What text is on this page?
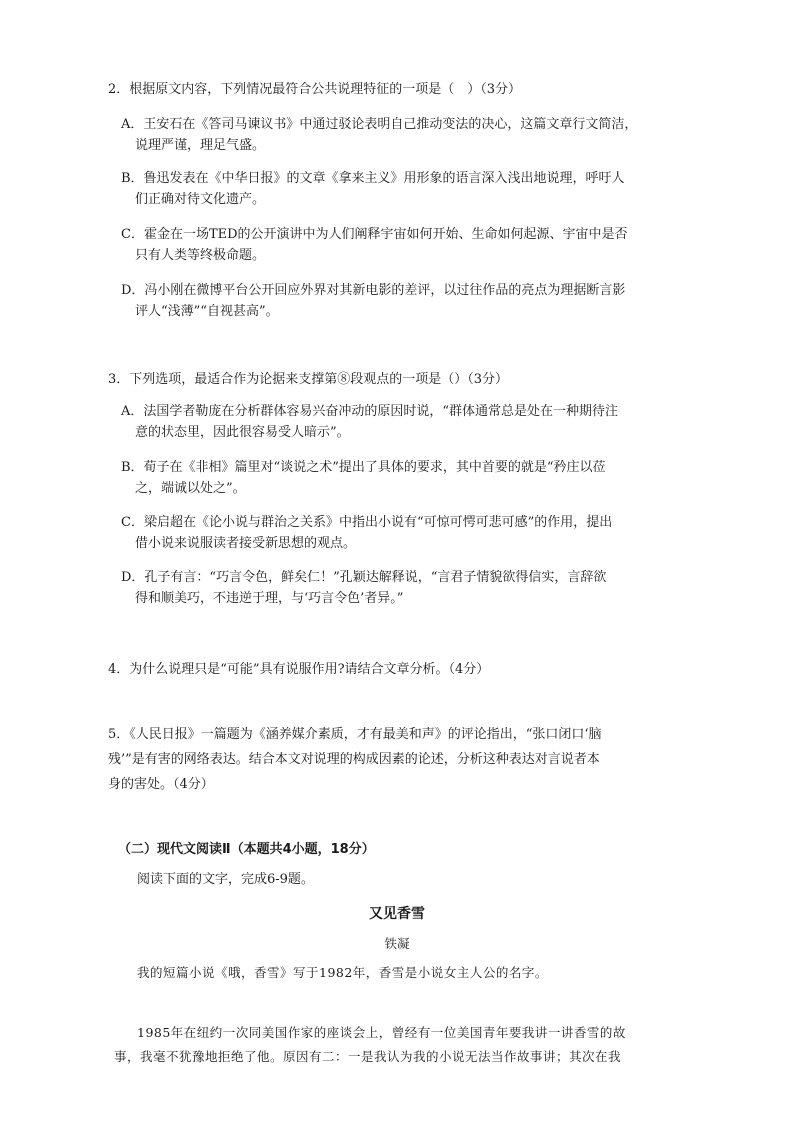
2．根据原文内容，下列情况最符合公共说理特征的一项是（　）（3分）
A．王安石在《答司马谏议书》中通过驳论表明自己推动变法的决心，这篇文章行文简洁，
说理严谨，理足气盛。
B．鲁迅发表在《中华日报》的文章《拿来主义》用形象的语言深入浅出地说理，呼吁人
们正确对待文化遗产。
C．霍金在一场TED的公开演讲中为人们阐释宇宙如何开始、生命如何起源、宇宙中是否
只有人类等终极命题。
D．冯小刚在微博平台公开回应外界对其新电影的差评，以过往作品的亮点为理据断言影
评人“浅薄”“自视甚高”。
3．下列选项，最适合作为论据来支撑第⑧段观点的一项是（）（3分）
A．法国学者勒庞在分析群体容易兴奋冲动的原因时说，“群体通常总是处在一种期待注
意的状态里，因此很容易受人暗示”。
B．荀子在《非相》篇里对“谈说之术”提出了具体的要求，其中首要的就是“矜庄以莅
之，端诚以处之”。
C．梁启超在《论小说与群治之关系》中指出小说有“可惊可愕可悲可感”的作用，提出
借小说来说服读者接受新思想的观点。
D．孔子有言：“巧言令色，鲜矣仁！”孔颖达解释说，“言君子情貌欲得信实，言辞欲
得和顺美巧，不违逆于理，与‘巧言令色’者异。”
4．为什么说理只是“可能”具有说服作用?请结合文章分析。（4分）
5．《人民日报》一篇题为《涵养媒介素质，才有最美和声》的评论指出，“张口闭口‘脑
残’”是有害的网络表达。结合本文对说理的构成因素的论述，分析这种表达对言说者本
身的害处。（4分）
（二）现代文阅读Ⅱ（本题共4小题，18分）
阅读下面的文字，完成6-9题。
又见香雪
铁凝
我的短篇小说《哦，香雪》写于1982年，香雪是小说女主人公的名字。
1985年在纽约一次同美国作家的座谈会上，曾经有一位美国青年要我讲一讲香雪的故
事，我毫不犹豫地拒绝了他。原因有二：一是我认为我的小说无法当作故事讲；其次在我
